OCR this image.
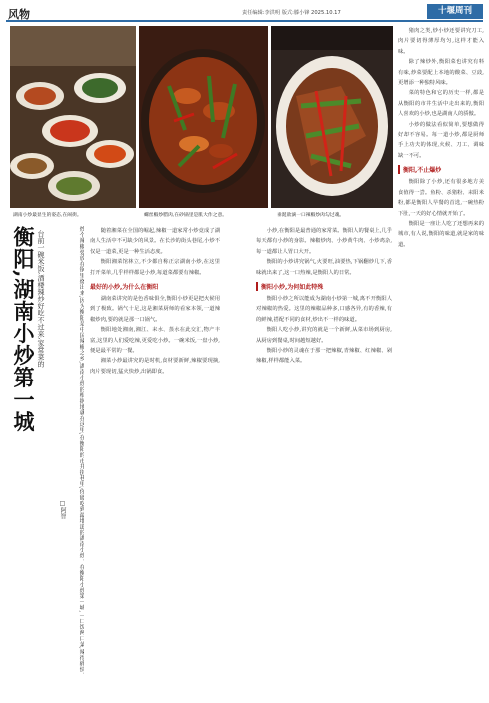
风物	责任编辑:李洪明 版式:滕小锋 2025.10.17	十堰周刊
湖南小炒最显生的姿态,在闹街。	螺丝椒炒腊肉,在砂锅里是肌大作之意。	垂涎欲滴一口辣椒炒肉勾过魂。
衡阳,湖南小炒第一城 台前一碗米饭,酒楼辣炒好吃不过来,家常菜的
□阿智	炒个辣椒要放在锅里烧出来,因为衡阳是中国辣椒之乡,湖南小炒的根据地就在这里,在衡阳的市井街巷里,你能吃到最地道的湖南小炒。在衡阳小炒第一城,一口饭两口菜,辣得痛快。	随着湘菜在全国的崛起,辣椒一道家常小炒竟成了湖南人生活中不可缺少的风景。在长沙的街头巷尾,小炒不仅是一道菜,更是一种生活态度。

衡阳湘菜馆林立,不少都自称正宗湖南小炒,在这里打开菜单,几乎样样都是小炒,每道菜都要有辣椒。

最好的小炒,为什么在衡阳

湖南菜讲究的是色香味俱全,衡阳小炒更是把火候用到了极致。锅气十足,这是湘菜厨师的看家本领,一道辣椒炒肉,要的就是那一口锅气。

衡阳地处湘南,湘江、耒水、蒸水在此交汇,物产丰富,这里的人们爱吃辣,更爱吃小炒。一碗米饭,一盘小炒,便是最平常的一餐。

湘菜小炒最讲究的是时机,食材要新鲜,辣椒要现摘,肉片要现切,猛火快炒,出锅即食。

小炒,在衡阳是最普通的家常菜。衡阳人的餐桌上,几乎每天都有小炒的身影。辣椒炒肉、小炒黄牛肉、小炒鸡杂,每一道都让人胃口大开。

衡阳的小炒讲究锅气,火要旺,油要热,下锅翻炒几下,香味就出来了,这一口热辣,是衡阳人的日常。

衡阳小炒,为何如此特殊

衡阳小炒之所以能成为湖南小炒第一城,离不开衡阳人对辣椒的热爱。这里的辣椒品种多,口感各异,有的香辣,有的鲜辣,搭配不同的食材,炒出不一样的味道。

衡阳人吃小炒,讲究的就是一个新鲜,从菜市场到厨房,从厨房到餐桌,时间越短越好。

衡阳小炒的灵魂在于那一把辣椒,青辣椒、红辣椒、剁辣椒,样样都能入菜。

猪肉之类,炒小炒还要讲究刀工,肉片要切得薄厚均匀,这样才能入味。

除了辣炒外,衡阳菜也讲究有料有味,炒菜要配上本地的酸菜、豆豉,更增添一种独特风味。

菜的特色和它的历史一样,都是从衡阳的市井生活中走出来的,衡阳人喜欢的小炒,也是湖南人的骄傲。

小炒的做法看似简单,要想做得好却不容易。每一道小炒,都是厨师手上功夫的体现,火候、刀工、调味缺一不可。

衡阳,不止爆炒

衡阳除了小炒,还有很多地方美食值得一尝。鱼粉、杀猪粉、耒阳米粉,都是衡阳人早餐的首选,一碗热粉下肚,一天的好心情就开始了。

衡阳是一座让人吃了还想再来的城市,有人说,衡阳的味道,就是家的味道。
